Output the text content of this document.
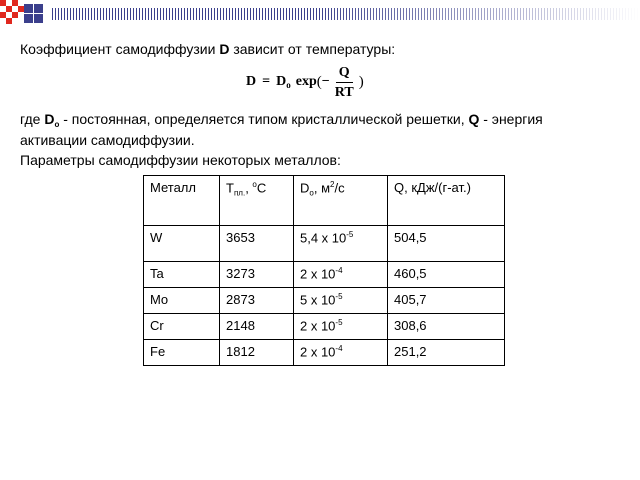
Коэффициент самодиффузии D зависит от температуры:
$D = D_o$ exp ( − $\frac{Q}{RT}$ )
где $D_o$ - постоянная, определяется типом кристаллической решетки, Q - энергия
активации самодиффузии.
Параметры самодиффузии некоторых металлов:
Металл	$T_{пл.}$, $^o$C	$D_o$, $м^2/с$	Q, кДж/(г-ат.)
W	3653	5,4 x $10^{-5}$	504,5
Ta	3273	2 x $10^{-4}$	460,5
Mo	2873	5 x $10^{-5}$	405,7
Cr	2148	2 x $10^{-5}$	308,6
Fe	1812	2 x $10^{-4}$	251,2
